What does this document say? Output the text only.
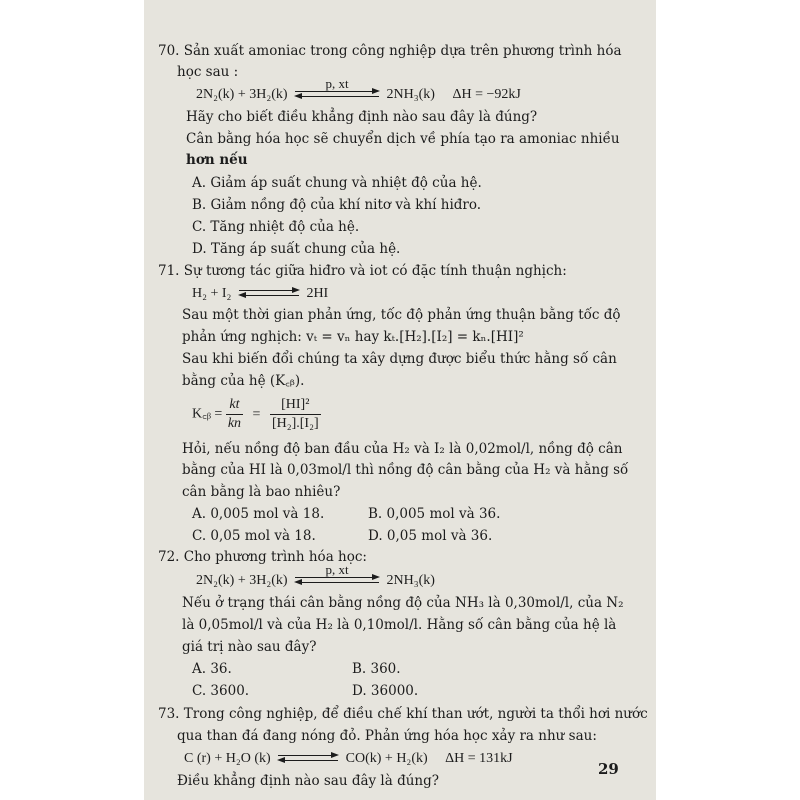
70. Sản xuất amoniac trong công nghiệp dựa trên phương trình hóa
học sau :
2N₂(k) + 3H₂(k)
p, xt
2NH₃(k) ΔH = −92kJ
Hãy cho biết điều khẳng định nào sau đây là đúng?
Cân bằng hóa học sẽ chuyển dịch về phía tạo ra amoniac nhiều
hơn nếu
A. Giảm áp suất chung và nhiệt độ của hệ.
B. Giảm nồng độ của khí nitơ và khí hiđro.
C. Tăng nhiệt độ của hệ.
D. Tăng áp suất chung của hệ.
71. Sự tương tác giữa hiđro và iot có đặc tính thuận nghịch:
H₂ + I₂	2HI
Sau một thời gian phản ứng, tốc độ phản ứng thuận bằng tốc độ
phản ứng nghịch: vₜ = vₙ hay kₜ.[H₂].[I₂] = kₙ.[HI]²
Sau khi biến đổi chúng ta xây dựng được biểu thức hằng số cân
bằng của hệ (K꜀ᵦ).
K꜀ᵦ = $\frac{kt}{kn} = \frac{\text{[HI]²}}{\text{[H₂].[I₂]}}$
Hỏi, nếu nồng độ ban đầu của H₂ và I₂ là 0,02mol/l, nồng độ cân
bằng của HI là 0,03mol/l thì nồng độ cân bằng của H₂ và hằng số
cân bằng là bao nhiêu?
A. 0,005 mol và 18.	B. 0,005 mol và 36.
C. 0,05 mol và 18.	D. 0,05 mol và 36.
72. Cho phương trình hóa học:
2N₂(k) + 3H₂(k)
p, xt
2NH₃(k)
Nếu ở trạng thái cân bằng nồng độ của NH₃ là 0,30mol/l, của N₂
là 0,05mol/l và của H₂ là 0,10mol/l. Hằng số cân bằng của hệ là
giá trị nào sau đây?
A. 36.	B. 360.
C. 3600.	D. 36000.
73. Trong công nghiệp, để điều chế khí than ướt, người ta thổi hơi nước
qua than đá đang nóng đỏ. Phản ứng hóa học xảy ra như sau:
C (r) + H₂O (k)	CO(k) + H₂(k) ΔH = 131kJ
Điều khẳng định nào sau đây là đúng?
29
